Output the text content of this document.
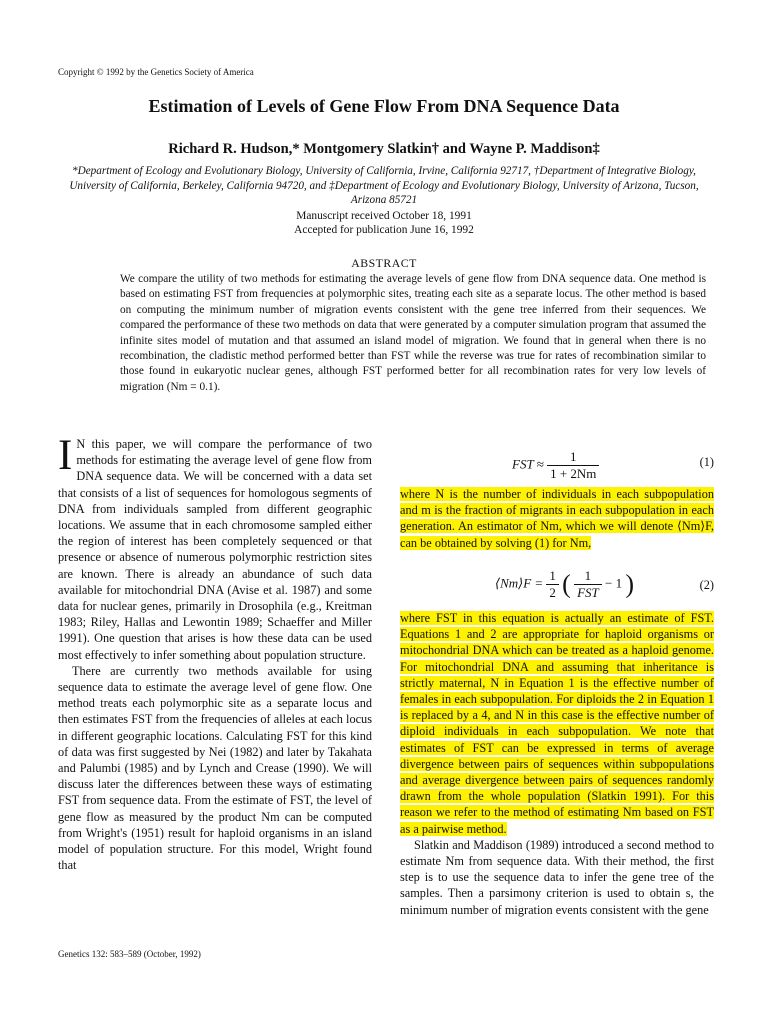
Copyright © 1992 by the Genetics Society of America
Estimation of Levels of Gene Flow From DNA Sequence Data
Richard R. Hudson,* Montgomery Slatkin† and Wayne P. Maddison‡
*Department of Ecology and Evolutionary Biology, University of California, Irvine, California 92717, †Department of Integrative Biology, University of California, Berkeley, California 94720, and ‡Department of Ecology and Evolutionary Biology, University of Arizona, Tucson, Arizona 85721
Manuscript received October 18, 1991
Accepted for publication June 16, 1992
ABSTRACT
We compare the utility of two methods for estimating the average levels of gene flow from DNA sequence data. One method is based on estimating FST from frequencies at polymorphic sites, treating each site as a separate locus. The other method is based on computing the minimum number of migration events consistent with the gene tree inferred from their sequences. We compared the performance of these two methods on data that were generated by a computer simulation program that assumed the infinite sites model of mutation and that assumed an island model of migration. We found that in general when there is no recombination, the cladistic method performed better than FST while the reverse was true for rates of recombination similar to those found in eukaryotic nuclear genes, although FST performed better for all recombination rates for very low levels of migration (Nm = 0.1).

I N this paper, we will compare the performance of two methods for estimating the average level of gene flow from DNA sequence data. We will be concerned with a data set that consists of a list of sequences for homologous segments of DNA from individuals sampled from different geographic locations. We assume that in each chromosome sampled either the region of interest has been completely sequenced or that presence or absence of numerous polymorphic restriction sites are known. There is already an abundance of such data available for mitochondrial DNA (Avise et al. 1987) and some data for nuclear genes, primarily in Drosophila (e.g., Kreitman 1983; Riley, Hallas and Lewontin 1989; Schaeffer and Miller 1991). One question that arises is how these data can be used most effectively to infer something about population structure.

There are currently two methods available for using sequence data to estimate the average level of gene flow. One method treats each polymorphic site as a separate locus and then estimates FST from the frequencies of alleles at each locus in different geographic locations. Calculating FST for this kind of data was first suggested by Nei (1982) and later by Takahata and Palumbi (1985) and by Lynch and Crease (1990). We will discuss later the differences between these ways of estimating FST from sequence data. From the estimate of FST, the level of gene flow as measured by the product Nm can be computed from Wright's (1951) result for haploid organisms in an island model of population structure. For this model, Wright found that

FST ≈ $\frac{1}{1 + 2Nm}$	(1)

where N is the number of individuals in each subpopulation and m is the fraction of migrants in each subpopulation in each generation. An estimator of Nm, which we will denote ⟨Nm⟩F, can be obtained by solving (1) for Nm,

⟨Nm⟩F = $\frac{1}{2}$ ( $\frac{1}{\text{FST}} - 1$ )	(2)

where FST in this equation is actually an estimate of FST. Equations 1 and 2 are appropriate for haploid organisms or mitochondrial DNA which can be treated as a haploid genome. For mitochondrial DNA and assuming that inheritance is strictly maternal, N in Equation 1 is the effective number of females in each subpopulation. For diploids the 2 in Equation 1 is replaced by a 4, and N in this case is the effective number of diploid individuals in each subpopulation. We note that estimates of FST can be expressed in terms of average divergence between pairs of sequences within subpopulations and average divergence between pairs of sequences randomly drawn from the whole population (Slatkin 1991). For this reason we refer to the method of estimating Nm based on FST as a pairwise method.

Slatkin and Maddison (1989) introduced a second method to estimate Nm from sequence data. With their method, the first step is to use the sequence data to infer the gene tree of the samples. Then a parsimony criterion is used to obtain s, the minimum number of migration events consistent with the gene

Genetics 132: 583–589 (October, 1992)
